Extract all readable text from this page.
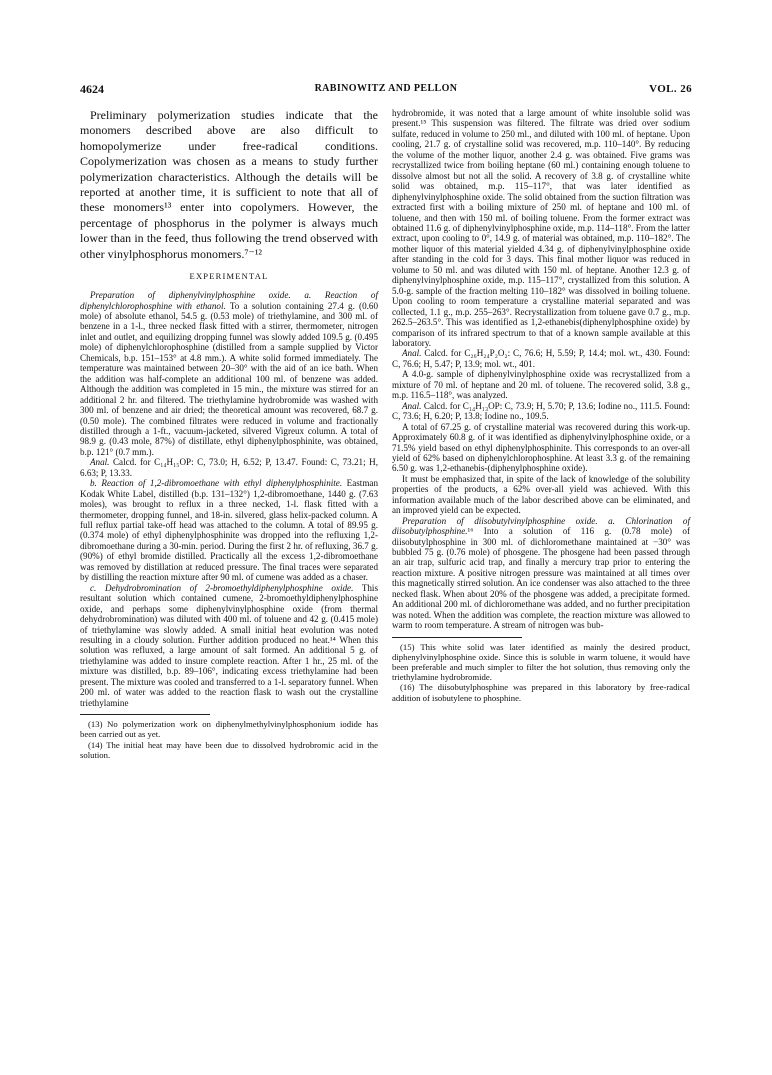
4624	RABINOWITZ AND PELLON	VOL. 26

Preliminary polymerization studies indicate that the monomers described above are also difficult to homopolymerize under free-radical conditions. Copolymerization was chosen as a means to study further polymerization characteristics. Although the details will be reported at another time, it is sufficient to note that all of these monomers¹³ enter into copolymers. However, the percentage of phosphorus in the polymer is always much lower than in the feed, thus following the trend observed with other vinylphosphorus monomers.⁷⁻¹²

EXPERIMENTAL

Preparation of diphenylvinylphosphine oxide. a. Reaction of diphenylchlorophosphine with ethanol. To a solution containing 27.4 g. (0.60 mole) of absolute ethanol, 54.5 g. (0.53 mole) of triethylamine, and 300 ml. of benzene in a 1-l., three necked flask fitted with a stirrer, thermometer, nitrogen inlet and outlet, and equilizing dropping funnel was slowly added 109.5 g. (0.495 mole) of diphenylchlorophosphine (distilled from a sample supplied by Victor Chemicals, b.p. 151–153° at 4.8 mm.). A white solid formed immediately. The temperature was maintained between 20–30° with the aid of an ice bath. When the addition was half-complete an additional 100 ml. of benzene was added. Although the addition was completed in 15 min., the mixture was stirred for an additional 2 hr. and filtered. The triethylamine hydrobromide was washed with 300 ml. of benzene and air dried; the theoretical amount was recovered, 68.7 g. (0.50 mole). The combined filtrates were reduced in volume and fractionally distilled through a 1-ft., vacuum-jacketed, silvered Vigreux column. A total of 98.9 g. (0.43 mole, 87%) of distillate, ethyl diphenylphosphinite, was obtained, b.p. 121° (0.7 mm.).

Anal. Calcd. for C₁₄H₁₅OP: C, 73.0; H, 6.52; P, 13.47. Found: C, 73.21; H, 6.63; P, 13.33.

b. Reaction of 1,2-dibromoethane with ethyl diphenylphosphinite. Eastman Kodak White Label, distilled (b.p. 131–132°) 1,2-dibromoethane, 1440 g. (7.63 moles), was brought to reflux in a three necked, 1-l. flask fitted with a thermometer, dropping funnel, and 18-in. silvered, glass helix-packed column. A full reflux partial take-off head was attached to the column. A total of 89.95 g. (0.374 mole) of ethyl diphenylphosphinite was dropped into the refluxing 1,2-dibromoethane during a 30-min. period. During the first 2 hr. of refluxing, 36.7 g. (90%) of ethyl bromide distilled. Practically all the excess 1,2-dibromoethane was removed by distillation at reduced pressure. The final traces were separated by distilling the reaction mixture after 90 ml. of cumene was added as a chaser.

c. Dehydrobromination of 2-bromoethyldiphenylphosphine oxide. This resultant solution which contained cumene, 2-bromoethyldiphenylphosphine oxide, and perhaps some diphenylvinylphosphine oxide (from thermal dehydrobromination) was diluted with 400 ml. of toluene and 42 g. (0.415 mole) of triethylamine was slowly added. A small initial heat evolution was noted resulting in a cloudy solution. Further addition produced no heat.¹⁴ When this solution was refluxed, a large amount of salt formed. An additional 5 g. of triethylamine was added to insure complete reaction. After 1 hr., 25 ml. of the mixture was distilled, b.p. 89–106°, indicating excess triethylamine had been present. The mixture was cooled and transferred to a 1-l. separatory funnel. When 200 ml. of water was added to the reaction flask to wash out the crystalline triethylamine

(13) No polymerization work on diphenylmethylvinylphosphonium iodide has been carried out as yet.

(14) The initial heat may have been due to dissolved hydrobromic acid in the solution.

hydrobromide, it was noted that a large amount of white insoluble solid was present.¹⁵ This suspension was filtered. The filtrate was dried over sodium sulfate, reduced in volume to 250 ml., and diluted with 100 ml. of heptane. Upon cooling, 21.7 g. of crystalline solid was recovered, m.p. 110–140°. By reducing the volume of the mother liquor, another 2.4 g. was obtained. Five grams was recrystallized twice from boiling heptane (60 ml.) containing enough toluene to dissolve almost but not all the solid. A recovery of 3.8 g. of crystalline white solid was obtained, m.p. 115–117°, that was later identified as diphenylvinylphosphine oxide. The solid obtained from the suction filtration was extracted first with a boiling mixture of 250 ml. of heptane and 100 ml. of toluene, and then with 150 ml. of boiling toluene. From the former extract was obtained 11.6 g. of diphenylvinylphosphine oxide, m.p. 114–118°. From the latter extract, upon cooling to 0°, 14.9 g. of material was obtained, m.p. 110–182°. The mother liquor of this material yielded 4.34 g. of diphenylvinylphosphine oxide after standing in the cold for 3 days. This final mother liquor was reduced in volume to 50 ml. and was diluted with 150 ml. of heptane. Another 12.3 g. of diphenylvinylphosphine oxide, m.p. 115–117°, crystallized from this solution. A 5.0-g. sample of the fraction melting 110–182° was dissolved in boiling toluene. Upon cooling to room temperature a crystalline material separated and was collected, 1.1 g., m.p. 255–263°. Recrystallization from toluene gave 0.7 g., m.p. 262.5–263.5°. This was identified as 1,2-ethanebis(diphenylphosphine oxide) by comparison of its infrared spectrum to that of a known sample available at this laboratory.

Anal. Calcd. for C₂₆H₂₄P₂O₂: C, 76.6; H, 5.59; P, 14.4; mol. wt., 430. Found: C, 76.6; H, 5.47; P, 13.9; mol. wt., 401.

A 4.0-g. sample of diphenylvinylphosphine oxide was recrystallized from a mixture of 70 ml. of heptane and 20 ml. of toluene. The recovered solid, 3.8 g., m.p. 116.5–118°, was analyzed.

Anal. Calcd. for C₁₄H₁₃OP: C, 73.9; H, 5.70; P, 13.6; Iodine no., 111.5. Found: C, 73.6; H, 6.20; P, 13.8; Iodine no., 109.5.

A total of 67.25 g. of crystalline material was recovered during this work-up. Approximately 60.8 g. of it was identified as diphenylvinylphosphine oxide, or a 71.5% yield based on ethyl diphenylphosphinite. This corresponds to an over-all yield of 62% based on diphenylchlorophosphine. At least 3.3 g. of the remaining 6.50 g. was 1,2-ethanebis-(diphenylphosphine oxide).

It must be emphasized that, in spite of the lack of knowledge of the solubility properties of the products, a 62% over-all yield was achieved. With this information available much of the labor described above can be eliminated, and an improved yield can be expected.

Preparation of diisobutylvinylphosphine oxide. a. Chlorination of diisobutylphosphine.¹⁶ Into a solution of 116 g. (0.78 mole) of diisobutylphosphine in 300 ml. of dichloromethane maintained at −30° was bubbled 75 g. (0.76 mole) of phosgene. The phosgene had been passed through an air trap, sulfuric acid trap, and finally a mercury trap prior to entering the reaction mixture. A positive nitrogen pressure was maintained at all times over this magnetically stirred solution. An ice condenser was also attached to the three necked flask. When about 20% of the phosgene was added, a precipitate formed. An additional 200 ml. of dichloromethane was added, and no further precipitation was noted. When the addition was complete, the reaction mixture was allowed to warm to room temperature. A stream of nitrogen was bub-

(15) This white solid was later identified as mainly the desired product, diphenylvinylphosphine oxide. Since this is soluble in warm toluene, it would have been preferable and much simpler to filter the hot solution, thus removing only the triethylamine hydrobromide.

(16) The diisobutylphosphine was prepared in this laboratory by free-radical addition of isobutylene to phosphine.
